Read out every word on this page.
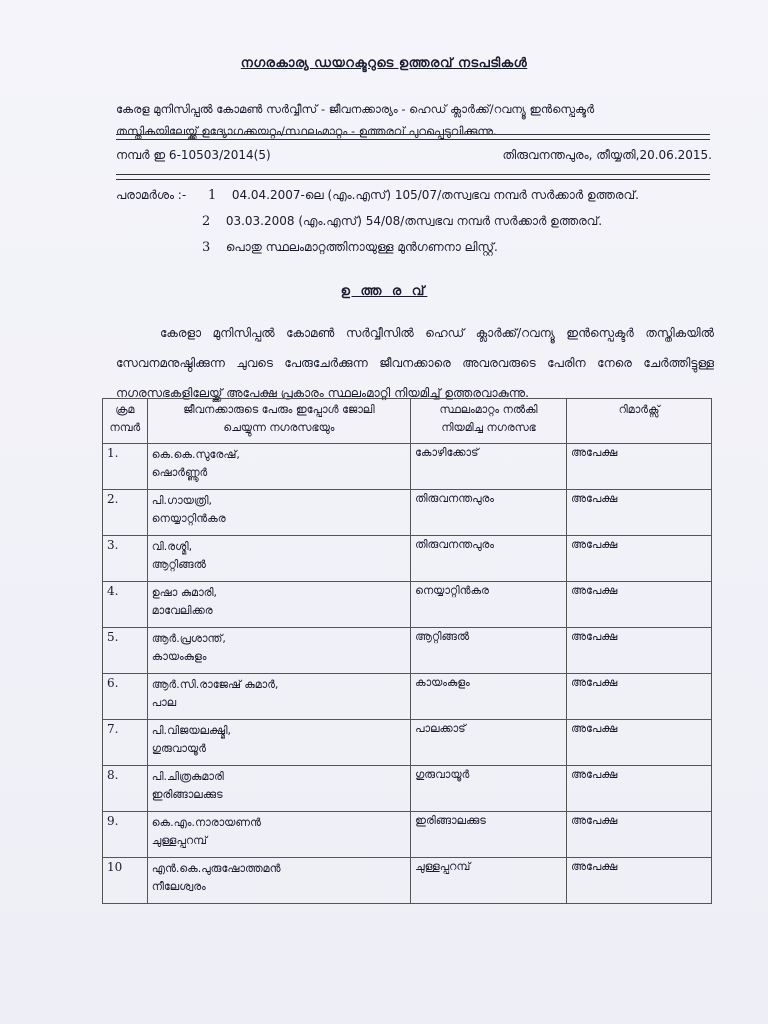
നഗരകാര്യ ഡയറക്ടറുടെ ഉത്തരവ് നടപടികൾ
കേരള മുനിസിപ്പൽ കോമൺ സർവ്വീസ് - ജീവനക്കാര്യം - ഹെഡ് ക്ലാർക്ക്/റവന്യൂ ഇൻസ്പെക്ടർ
തസ്തികയിലേയ്ക്ക് ഉദ്യോഗക്കയറ്റം/സ്ഥലംമാറ്റം - ഉത്തരവ് പുറപ്പെടുവിക്കുന്നു.
നമ്പർ ഇ 6-10503/2014(5)	തിരുവനന്തപുരം, തീയ്യതി,20.06.2015.
പരാമർശം :- 1 04.04.2007-ലെ (എം.എസ്) 105/07/തസ്വഭവ നമ്പർ സർക്കാർ ഉത്തരവ്.
2 03.03.2008 (എം.എസ്) 54/08/തസ്വഭവ നമ്പർ സർക്കാർ ഉത്തരവ്.
3 പൊതു സ്ഥലംമാറ്റത്തിനായുള്ള മുൻഗണനാ ലിസ്റ്റ്.
ഉ ത്ത ര വ്
കേരളാ മുനിസിപ്പൽ കോമൺ സർവ്വീസിൽ ഹെഡ് ക്ലാർക്ക്/റവന്യൂ ഇൻസ്പെക്ടർ തസ്തികയിൽ സേവനമനുഷ്ഠിക്കുന്ന ചുവടെ പേരുചേർക്കുന്ന ജീവനക്കാരെ അവരവരുടെ പേരിന നേരെ ചേർത്തിട്ടുള്ള നഗരസഭകളിലേയ്ക്ക് അപേക്ഷ പ്രകാരം സ്ഥലംമാറ്റി നിയമിച്ച് ഉത്തരവാകുന്നു.
ക്രമ
നമ്പർ	ജീവനക്കാരുടെ പേരും ഇപ്പോൾ ജോലി
ചെയ്യുന്ന നഗരസഭയും	സ്ഥലംമാറ്റം നൽകി
നിയമിച്ച നഗരസഭ	റിമാർക്സ്
1.	കെ.കെ.സുരേഷ്,
ഷൊർണ്ണൂർ	കോഴിക്കോട്	അപേക്ഷ
2.	പി.ഗായത്രി,
നെയ്യാറ്റിൻകര	തിരുവനന്തപുരം	അപേക്ഷ
3.	വി.രശ്മി,
ആറ്റിങ്ങൽ	തിരുവനന്തപുരം	അപേക്ഷ
4.	ഉഷാ കുമാരി,
മാവേലിക്കര	നെയ്യാറ്റിൻകര	അപേക്ഷ
5.	ആർ.പ്രശാന്ത്,
കായംകുളം	ആറ്റിങ്ങൽ	അപേക്ഷ
6.	ആർ.സി.രാജേഷ് കുമാർ,
പാല	കായംകുളം	അപേക്ഷ
7.	പി.വിജയലക്ഷ്മി,
ഗുരുവായൂർ	പാലക്കാട്	അപേക്ഷ
8.	പി.ചിത്രകുമാരി
ഇരിങ്ങാലക്കുട	ഗുരുവായൂർ	അപേക്ഷ
9.	കെ.എം.നാരായണൻ
ചുള്ളപ്പറമ്പ്	ഇരിങ്ങാലക്കുട	അപേക്ഷ
10	എൻ.കെ.പുരുഷോത്തമൻ
നീലേശ്വരം	ചുള്ളപ്പറമ്പ്	അപേക്ഷ
